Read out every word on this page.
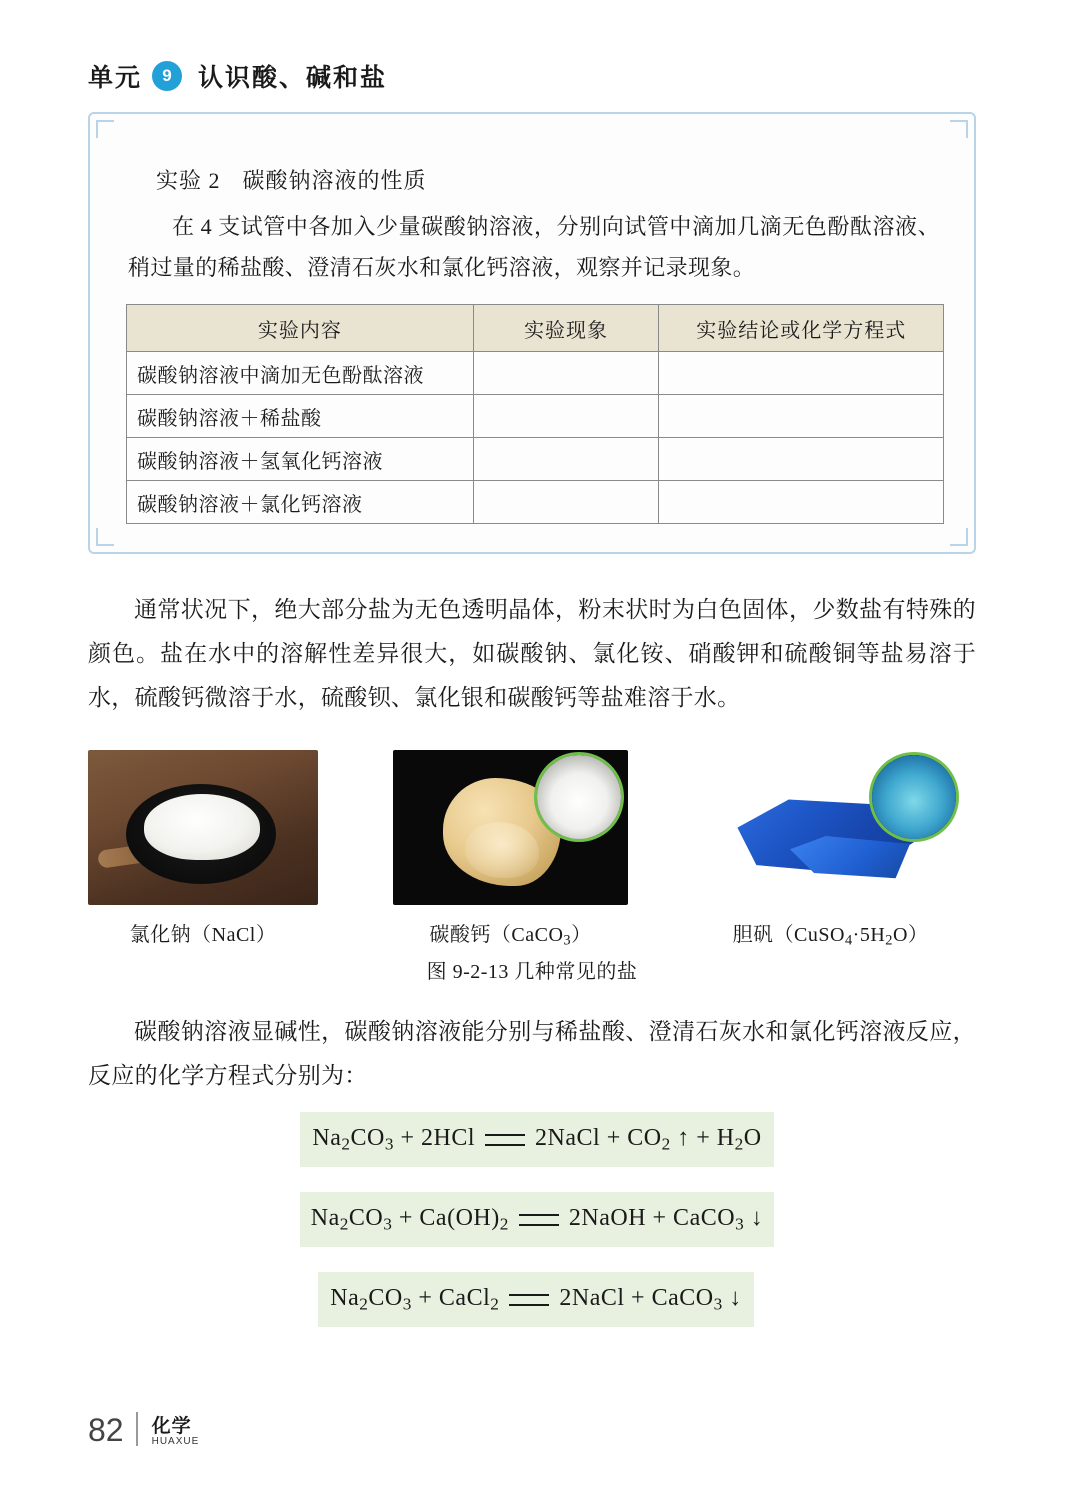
单元	9	认识酸、碱和盐
实验 2 碳酸钠溶液的性质
在 4 支试管中各加入少量碳酸钠溶液，分别向试管中滴加几滴无色酚酞溶液、稍过量的稀盐酸、澄清石灰水和氯化钙溶液，观察并记录现象。
实验内容	实验现象	实验结论或化学方程式
碳酸钠溶液中滴加无色酚酞溶液		
碳酸钠溶液＋稀盐酸		
碳酸钠溶液＋氢氧化钙溶液		
碳酸钠溶液＋氯化钙溶液		
通常状况下，绝大部分盐为无色透明晶体，粉末状时为白色固体，少数盐有特殊的颜色。盐在水中的溶解性差异很大，如碳酸钠、氯化铵、硝酸钾和硫酸铜等盐易溶于水，硫酸钙微溶于水，硫酸钡、氯化银和碳酸钙等盐难溶于水。
氯化钠（NaCl）	碳酸钙（CaCO$_3$）	胆矾$(CuSO_4\cdot 5H_2O)$
图 9-2-13 几种常见的盐
碳酸钠溶液显碱性，碳酸钠溶液能分别与稀盐酸、澄清石灰水和氯化钙溶液反应，反应的化学方程式分别为：
$Na_2CO_3 + 2HCl$	2NaCl + $CO_2$ ↑ + $H_2O$
$Na_2CO_3 + Ca(OH)_2$	2NaOH + CaCO$_3$ ↓
$Na_2CO_3$ + CaCl$_2$	2NaCl + CaCO$_3$ ↓
82 化学
HUAXUE
